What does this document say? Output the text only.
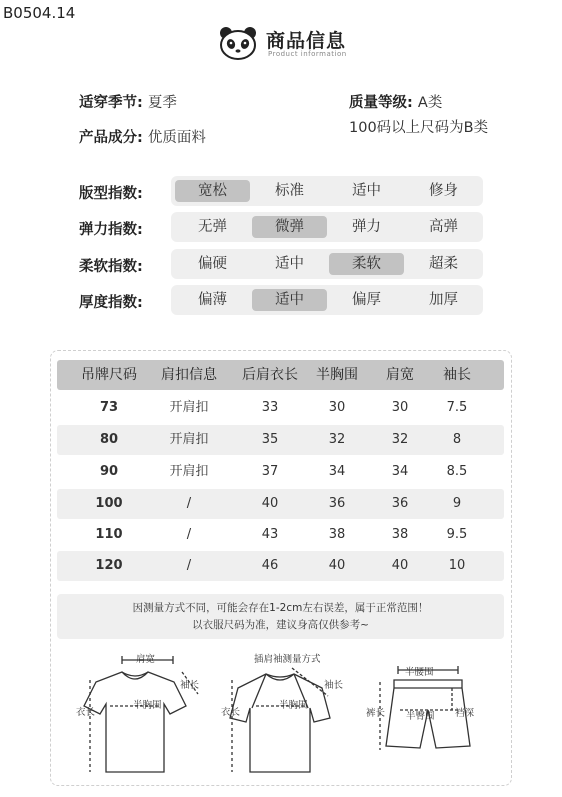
B0504.14
商品信息
Product information
适穿季节: 夏季
产品成分: 优质面料
质量等级: A类
100码以上尺码为B类
版型指数:	宽松	标准	适中	修身
弹力指数:	无弹	微弹	弹力	高弹
柔软指数:	偏硬	适中	柔软	超柔
厚度指数:	偏薄	适中	偏厚	加厚
吊牌尺码	肩扣信息	后肩衣长	半胸围	肩宽	袖长
73	开肩扣	33	30	30	7.5
80	开肩扣	35	32	32	8
90	开肩扣	37	34	34	8.5
100	/	40	36	36	9
110	/	43	38	38	9.5
120	/	46	40	40	10
因测量方式不同，可能会存在1-2cm左右误差，属于正常范围！
以衣服尺码为准，建议身高仅供参考~
肩宽
袖长
衣长
半胸围
插肩袖测量方式
袖长
衣长
半胸围
半腰围
裤长 半臀围 裆深
